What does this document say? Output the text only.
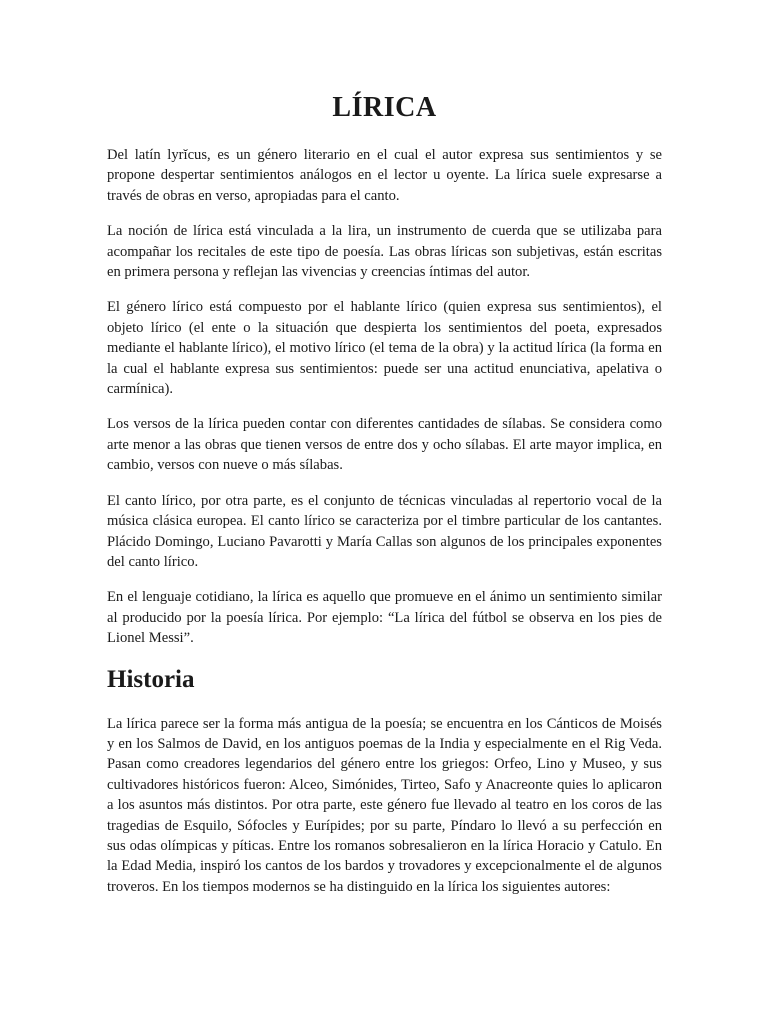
LÍRICA

Del latín lyrĭcus, es un género literario en el cual el autor expresa sus sentimientos y se propone despertar sentimientos análogos en el lector u oyente. La lírica suele expresarse a través de obras en verso, apropiadas para el canto.

La noción de lírica está vinculada a la lira, un instrumento de cuerda que se utilizaba para acompañar los recitales de este tipo de poesía. Las obras líricas son subjetivas, están escritas en primera persona y reflejan las vivencias y creencias íntimas del autor.

El género lírico está compuesto por el hablante lírico (quien expresa sus sentimientos), el objeto lírico (el ente o la situación que despierta los sentimientos del poeta, expresados mediante el hablante lírico), el motivo lírico (el tema de la obra) y la actitud lírica (la forma en la cual el hablante expresa sus sentimientos: puede ser una actitud enunciativa, apelativa o carmínica).

Los versos de la lírica pueden contar con diferentes cantidades de sílabas. Se considera como arte menor a las obras que tienen versos de entre dos y ocho sílabas. El arte mayor implica, en cambio, versos con nueve o más sílabas.

El canto lírico, por otra parte, es el conjunto de técnicas vinculadas al repertorio vocal de la música clásica europea. El canto lírico se caracteriza por el timbre particular de los cantantes. Plácido Domingo, Luciano Pavarotti y María Callas son algunos de los principales exponentes del canto lírico.

En el lenguaje cotidiano, la lírica es aquello que promueve en el ánimo un sentimiento similar al producido por la poesía lírica. Por ejemplo: “La lírica del fútbol se observa en los pies de Lionel Messi”.

Historia

La lírica parece ser la forma más antigua de la poesía; se encuentra en los Cánticos de Moisés y en los Salmos de David, en los antiguos poemas de la India y especialmente en el Rig Veda. Pasan como creadores legendarios del género entre los griegos: Orfeo, Lino y Museo, y sus cultivadores históricos fueron: Alceo, Simónides, Tirteo, Safo y Anacreonte quies lo aplicaron a los asuntos más distintos. Por otra parte, este género fue llevado al teatro en los coros de las tragedias de Esquilo, Sófocles y Eurípides; por su parte, Píndaro lo llevó a su perfección en sus odas olímpicas y píticas. Entre los romanos sobresalieron en la lírica Horacio y Catulo. En la Edad Media, inspiró los cantos de los bardos y trovadores y excepcionalmente el de algunos troveros. En los tiempos modernos se ha distinguido en la lírica los siguientes autores:
